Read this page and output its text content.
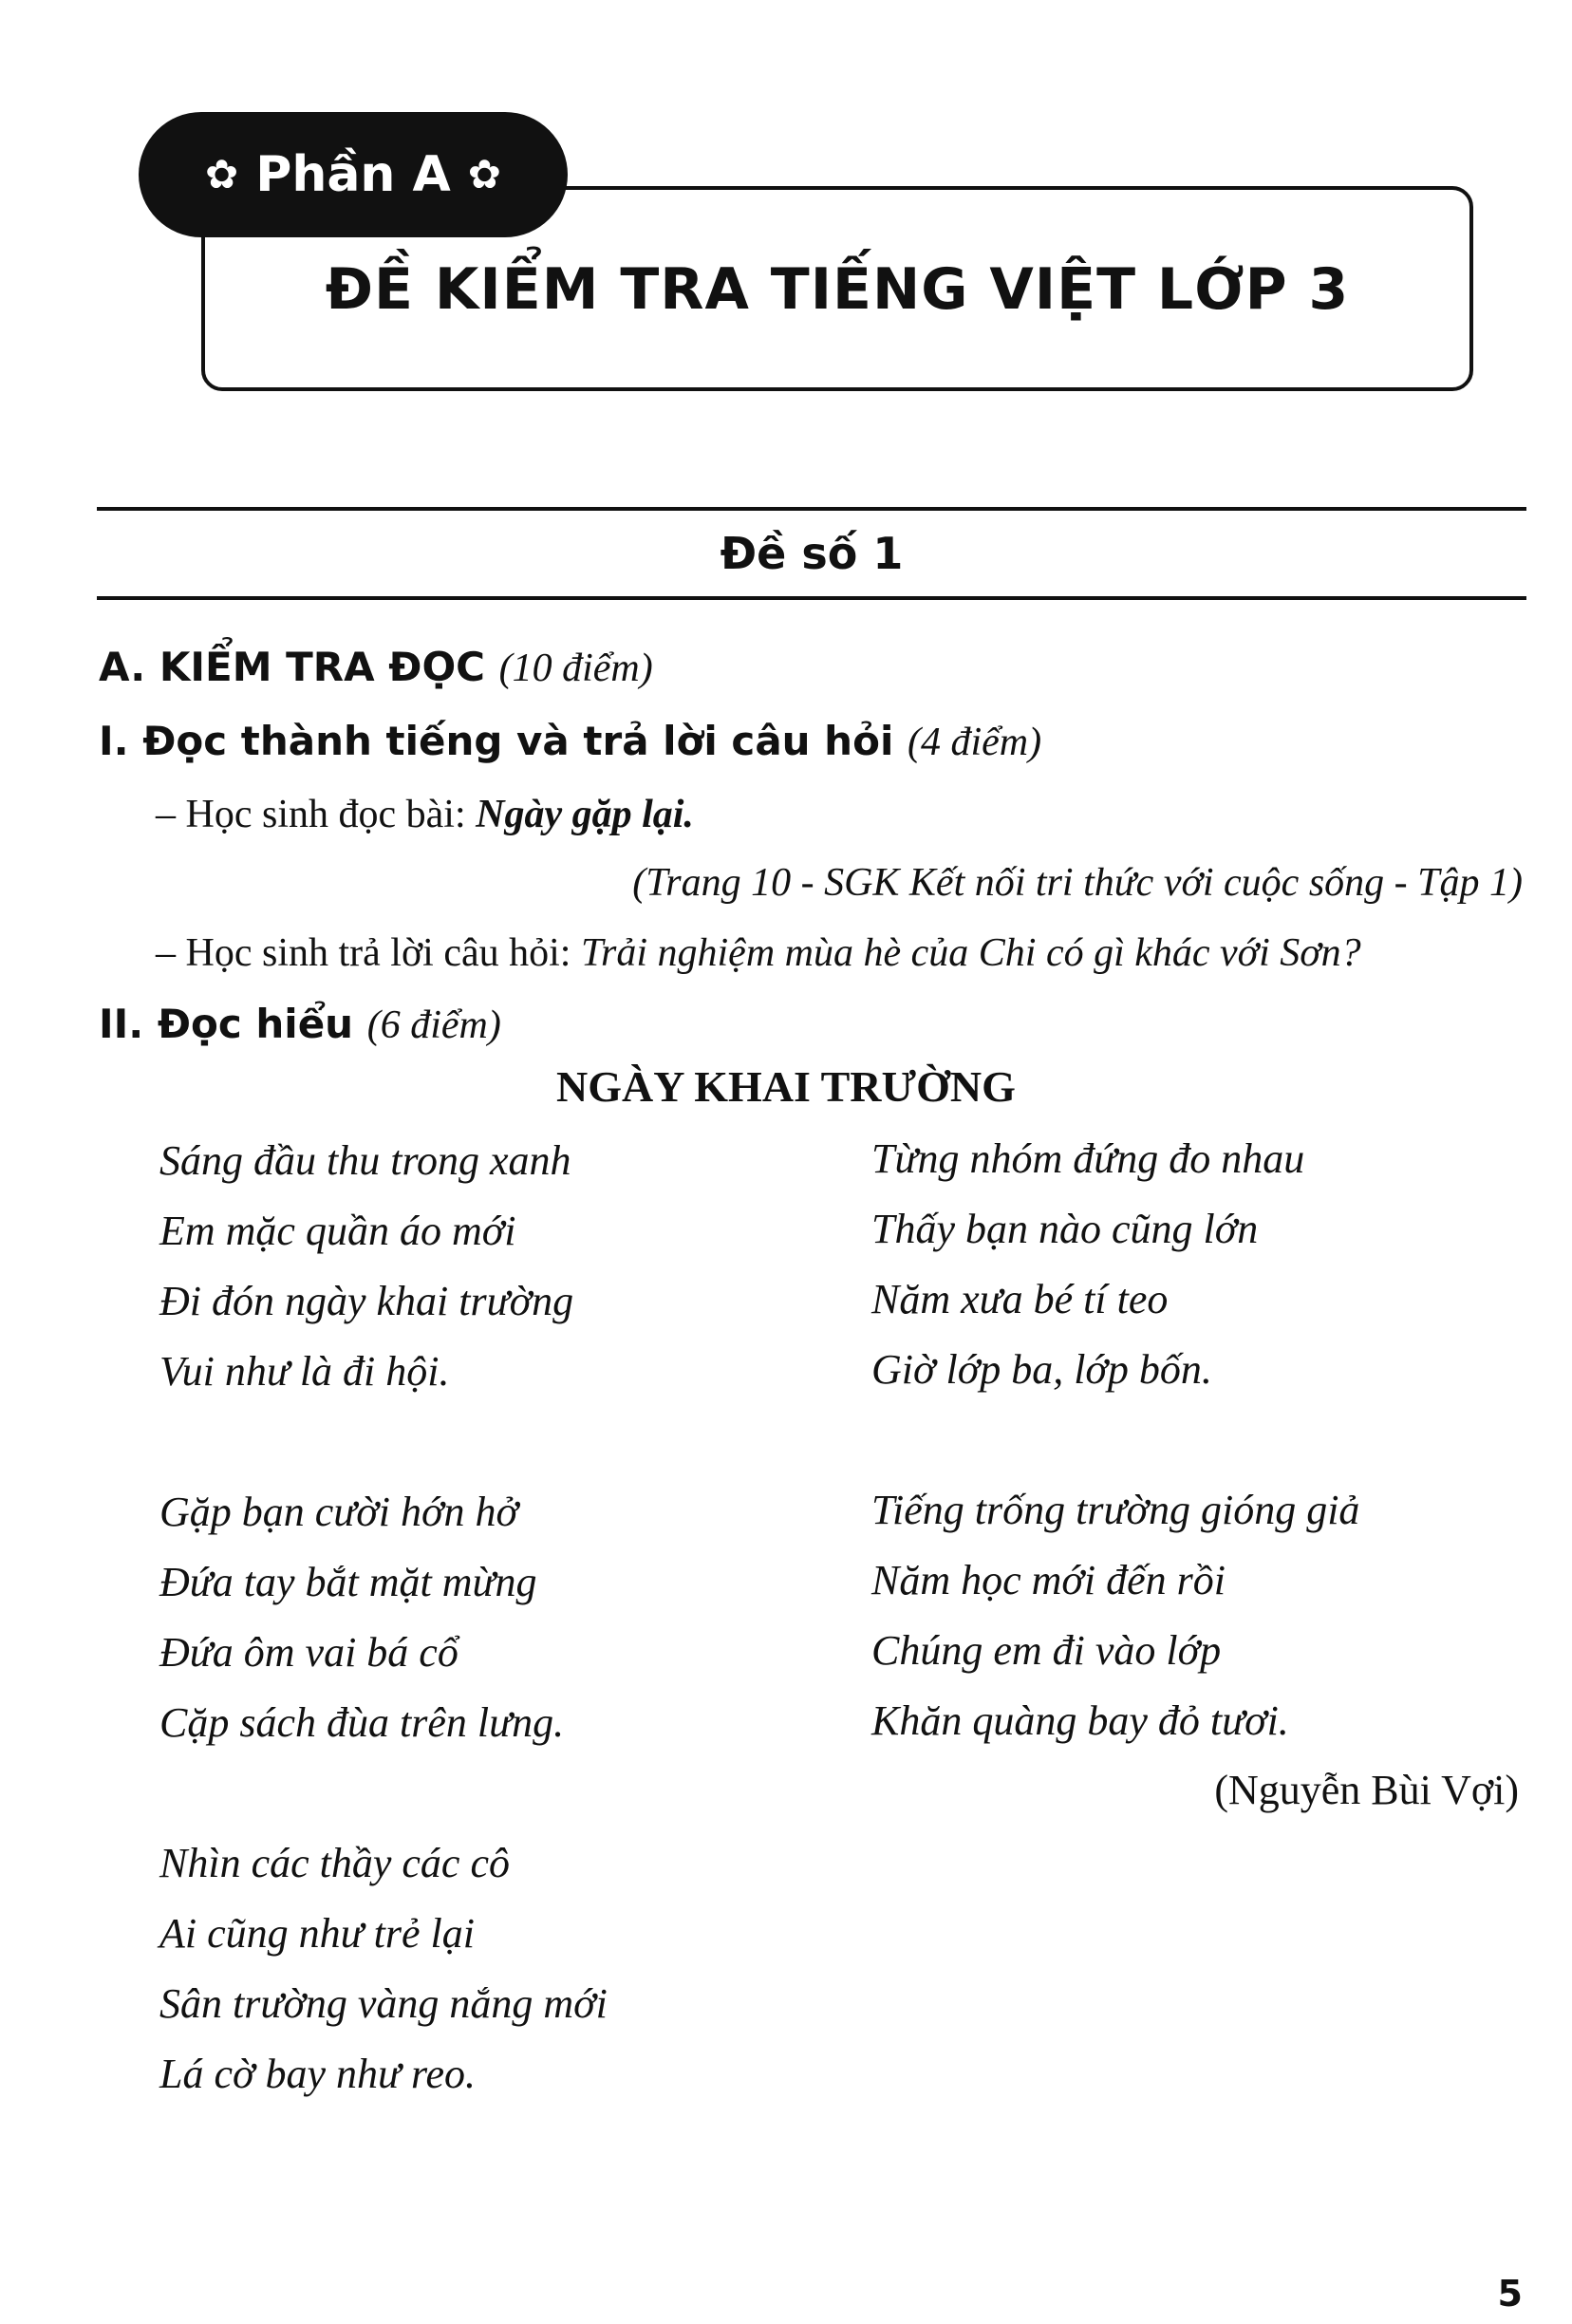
✿ Phần A ✿
ĐỀ KIỂM TRA TIẾNG VIỆT LỚP 3
Đề số 1
A. KIỂM TRA ĐỌC (10 điểm)
I. Đọc thành tiếng và trả lời câu hỏi (4 điểm)
– Học sinh đọc bài: Ngày gặp lại.
(Trang 10 - SGK Kết nối tri thức với cuộc sống - Tập 1)
– Học sinh trả lời câu hỏi: Trải nghiệm mùa hè của Chi có gì khác với Sơn?
II. Đọc hiểu (6 điểm)
NGÀY KHAI TRƯỜNG
Sáng đầu thu trong xanh
Em mặc quần áo mới
Đi đón ngày khai trường
Vui như là đi hội.
Gặp bạn cười hớn hở
Đứa tay bắt mặt mừng
Đứa ôm vai bá cổ
Cặp sách đùa trên lưng.
Nhìn các thầy các cô
Ai cũng như trẻ lại
Sân trường vàng nắng mới
Lá cờ bay như reo.
Từng nhóm đứng đo nhau
Thấy bạn nào cũng lớn
Năm xưa bé tí teo
Giờ lớp ba, lớp bốn.
Tiếng trống trường gióng giả
Năm học mới đến rồi
Chúng em đi vào lớp
Khăn quàng bay đỏ tươi.
(Nguyễn Bùi Vợi)
5
